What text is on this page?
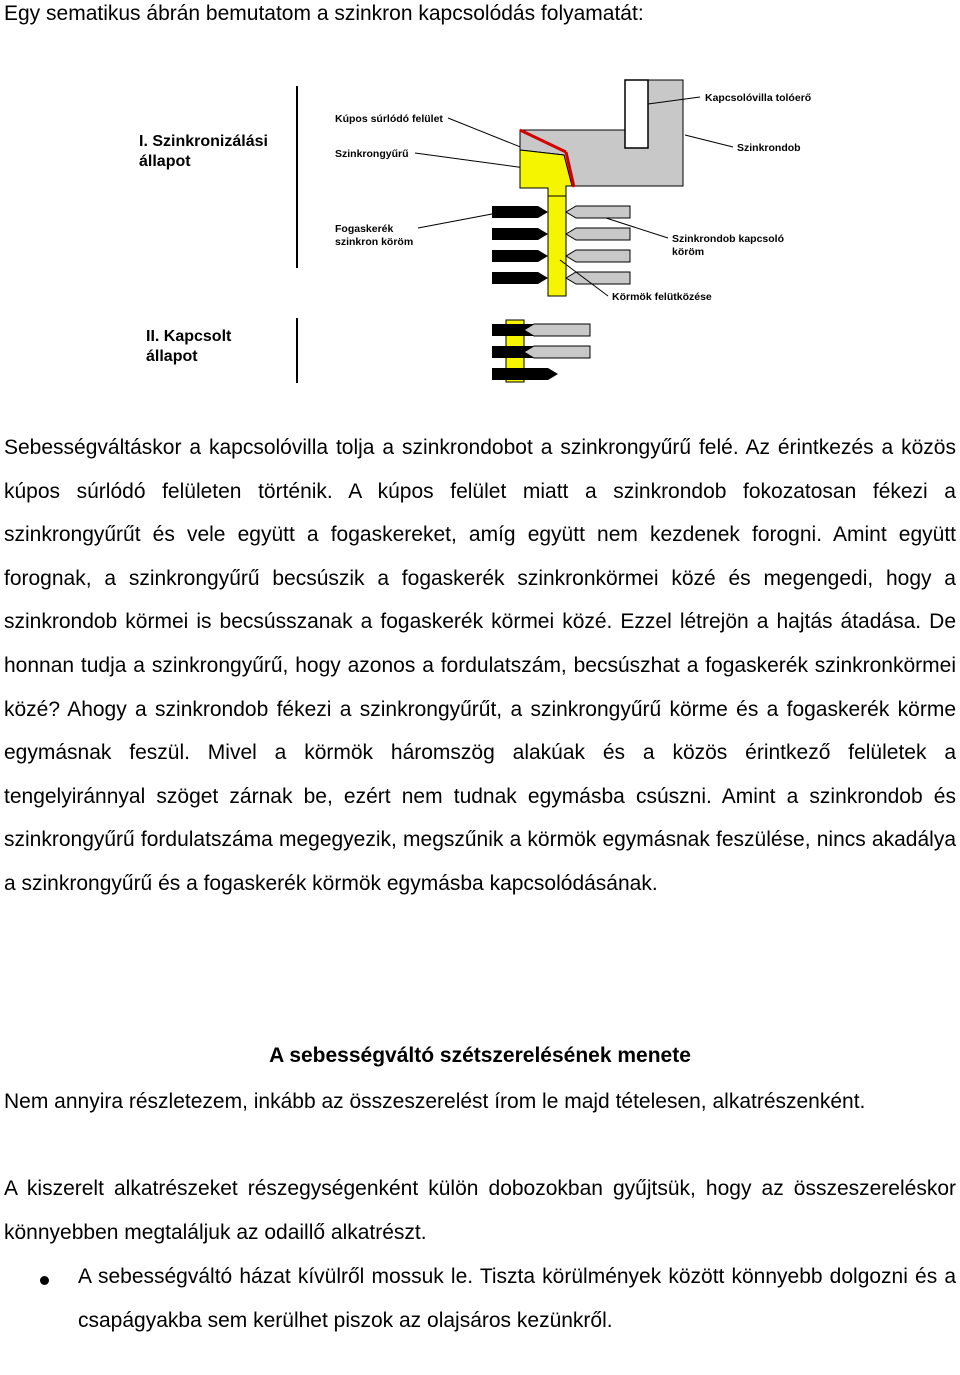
Egy sematikus ábrán bemutatom a szinkron kapcsolódás folyamatát:

I. Szinkronizálási
állapot
II. Kapcsolt
állapot
Kúpos súrlódó felület
Szinkrongyűrű
Fogaskerék
szinkron köröm
Kapcsolóvilla tolóerő
Szinkrondob
Szinkrondob kapcsoló
köröm
Körmök felütközése

Sebességváltáskor a kapcsolóvilla tolja a szinkrondobot a szinkrongyűrű felé. Az érintkezés a közös kúpos súrlódó felületen történik. A kúpos felület miatt a szinkrondob fokozatosan fékezi a szinkrongyűrűt és vele együtt a fogaskereket, amíg együtt nem kezdenek forogni. Amint együtt forognak, a szinkrongyűrű becsúszik a fogaskerék szinkronkörmei közé és megengedi, hogy a szinkrondob körmei is becsússzanak a fogaskerék körmei közé. Ezzel létrejön a hajtás átadása. De honnan tudja a szinkrongyűrű, hogy azonos a fordulatszám, becsúszhat a fogaskerék szinkronkörmei közé? Ahogy a szinkrondob fékezi a szinkrongyűrűt, a szinkrongyűrű körme és a fogaskerék körme egymásnak feszül. Mivel a körmök háromszög alakúak és a közös érintkező felületek a tengelyiránnyal szöget zárnak be, ezért nem tudnak egymásba csúszni. Amint a szinkrondob és szinkrongyűrű fordulatszáma megegyezik, megszűnik a körmök egymásnak feszülése, nincs akadálya a szinkrongyűrű és a fogaskerék körmök egymásba kapcsolódásának.

A sebességváltó szétszerelésének menete

Nem annyira részletezem, inkább az összeszerelést írom le majd tételesen, alkatrészenként.

A kiszerelt alkatrészeket részegységenként külön dobozokban gyűjtsük, hogy az összeszereléskor könnyebben megtaláljuk az odaillő alkatrészt.

A sebességváltó házat kívülről mossuk le. Tiszta körülmények között könnyebb dolgozni és a csapágyakba sem kerülhet piszok az olajsáros kezünkről.
